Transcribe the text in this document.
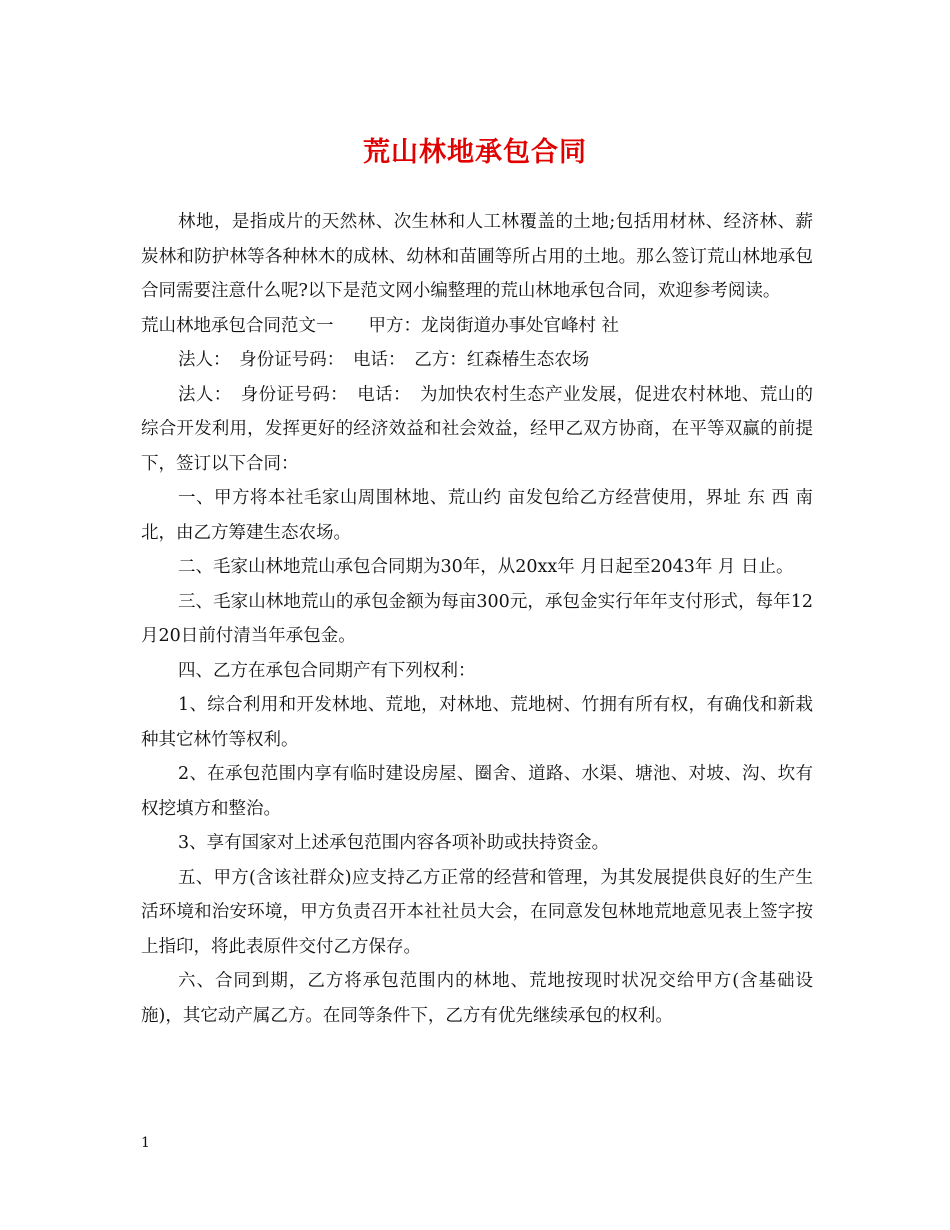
荒山林地承包合同

林地，是指成片的天然林、次生林和人工林覆盖的土地;包括用材林、经济林、薪炭林和防护林等各种林木的成林、幼林和苗圃等所占用的土地。那么签订荒山林地承包合同需要注意什么呢?以下是范文网小编整理的荒山林地承包合同，欢迎参考阅读。

荒山林地承包合同范文一　　甲方：龙岗街道办事处官峰村 社

法人：　身份证号码：　电话：　乙方：红森椿生态农场

法人：　身份证号码：　电话：　为加快农村生态产业发展，促进农村林地、荒山的综合开发利用，发挥更好的经济效益和社会效益，经甲乙双方协商，在平等双赢的前提下，签订以下合同：

一、甲方将本社毛家山周围林地、荒山约 亩发包给乙方经营使用，界址 东 西 南 北，由乙方筹建生态农场。

二、毛家山林地荒山承包合同期为30年，从20xx年 月日起至2043年 月 日止。

三、毛家山林地荒山的承包金额为每亩300元，承包金实行年年支付形式，每年12月20日前付清当年承包金。

四、乙方在承包合同期产有下列权利：

1、综合利用和开发林地、荒地，对林地、荒地树、竹拥有所有权，有确伐和新栽种其它林竹等权利。

2、在承包范围内享有临时建设房屋、圈舍、道路、水渠、塘池、对坡、沟、坎有权挖填方和整治。

3、享有国家对上述承包范围内容各项补助或扶持资金。

五、甲方(含该社群众)应支持乙方正常的经营和管理，为其发展提供良好的生产生活环境和治安环境，甲方负责召开本社社员大会，在同意发包林地荒地意见表上签字按上指印，将此表原件交付乙方保存。

六、合同到期，乙方将承包范围内的林地、荒地按现时状况交给甲方(含基础设施)，其它动产属乙方。在同等条件下，乙方有优先继续承包的权利。

1
